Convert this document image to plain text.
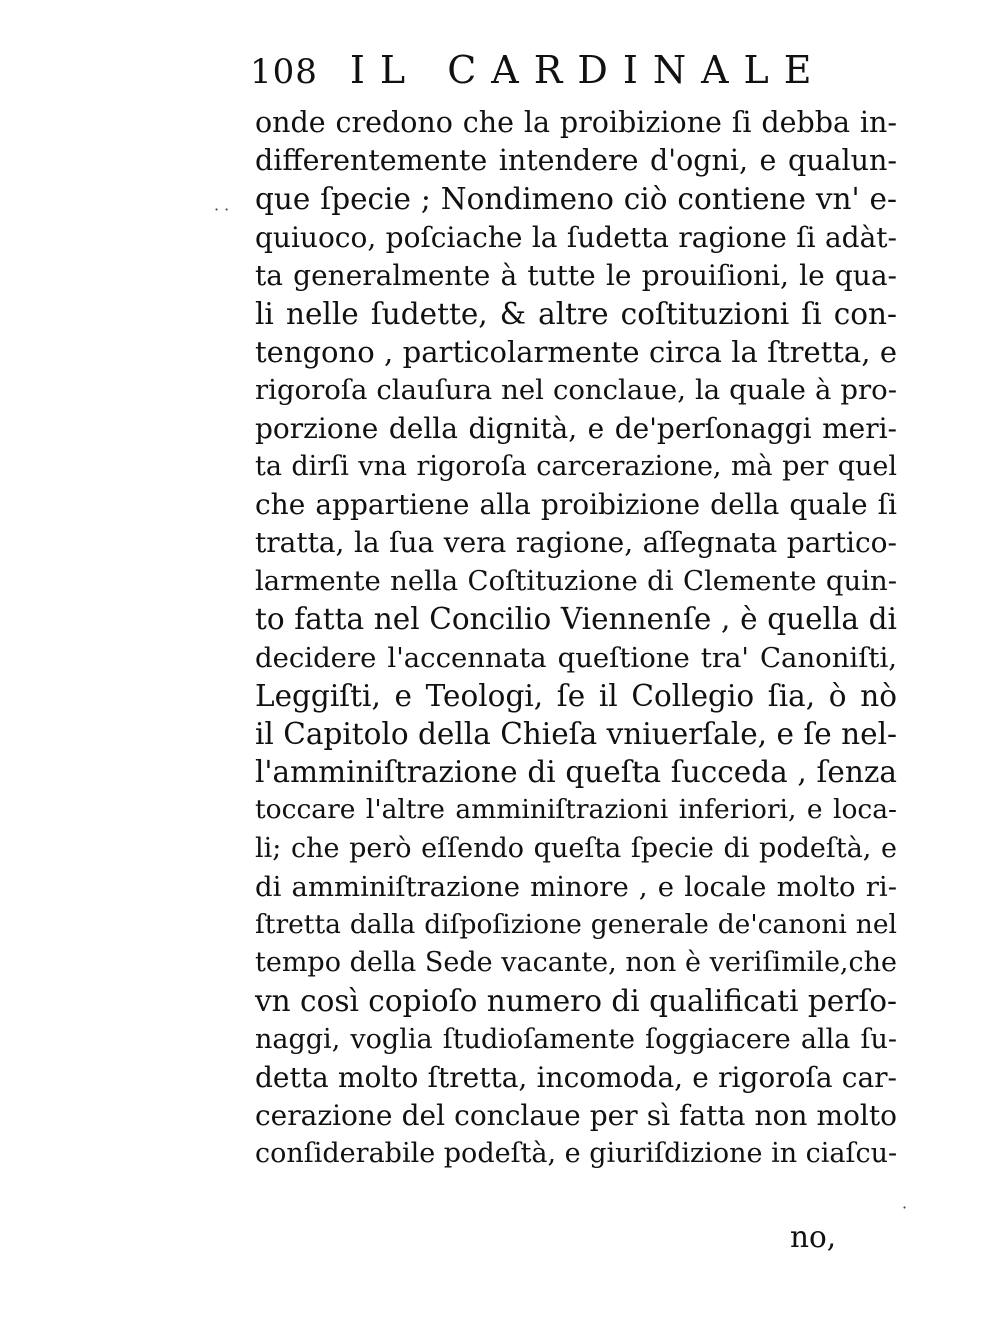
108 IL CARDINALE
· ·
·
onde credono che la proibizione ſi debba in-
differentemente intendere d'ogni, e qualun-
que ſpecie ; Nondimeno ciò contiene vn' e-
quiuoco, poſciache la ſudetta ragione ſi adàt-
ta generalmente à tutte le prouiſioni, le qua-
li nelle ſudette, & altre coſtituzioni ſi con-
tengono , particolarmente circa la ſtretta, e
rigoroſa clauſura nel conclaue, la quale à pro-
porzione della dignità, e de'perſonaggi meri-
ta dirſi vna rigoroſa carcerazione, mà per quel
che appartiene alla proibizione della quale ſi
tratta, la ſua vera ragione, aſſegnata partico-
larmente nella Coſtituzione di Clemente quin-
to fatta nel Concilio Viennenſe , è quella di
decidere l'accennata queſtione tra' Canoniſti,
Leggiſti, e Teologi, ſe il Collegio ſia, ò nò
il Capitolo della Chieſa vniuerſale, e ſe nel-
l'amminiſtrazione di queſta ſucceda , ſenza
toccare l'altre amminiſtrazioni inferiori, e loca-
li; che però eſſendo queſta ſpecie di podeſtà, e
di amminiſtrazione minore , e locale molto ri-
ſtretta dalla diſpoſizione generale de'canoni nel
tempo della Sede vacante, non è veriſimile,che
vn così copioſo numero di qualificati perſo-
naggi, voglia ſtudioſamente ſoggiacere alla ſu-
detta molto ſtretta, incomoda, e rigoroſa car-
cerazione del conclaue per sì fatta non molto
conſiderabile podeſtà, e giuriſdizione in ciaſcu-
no,
